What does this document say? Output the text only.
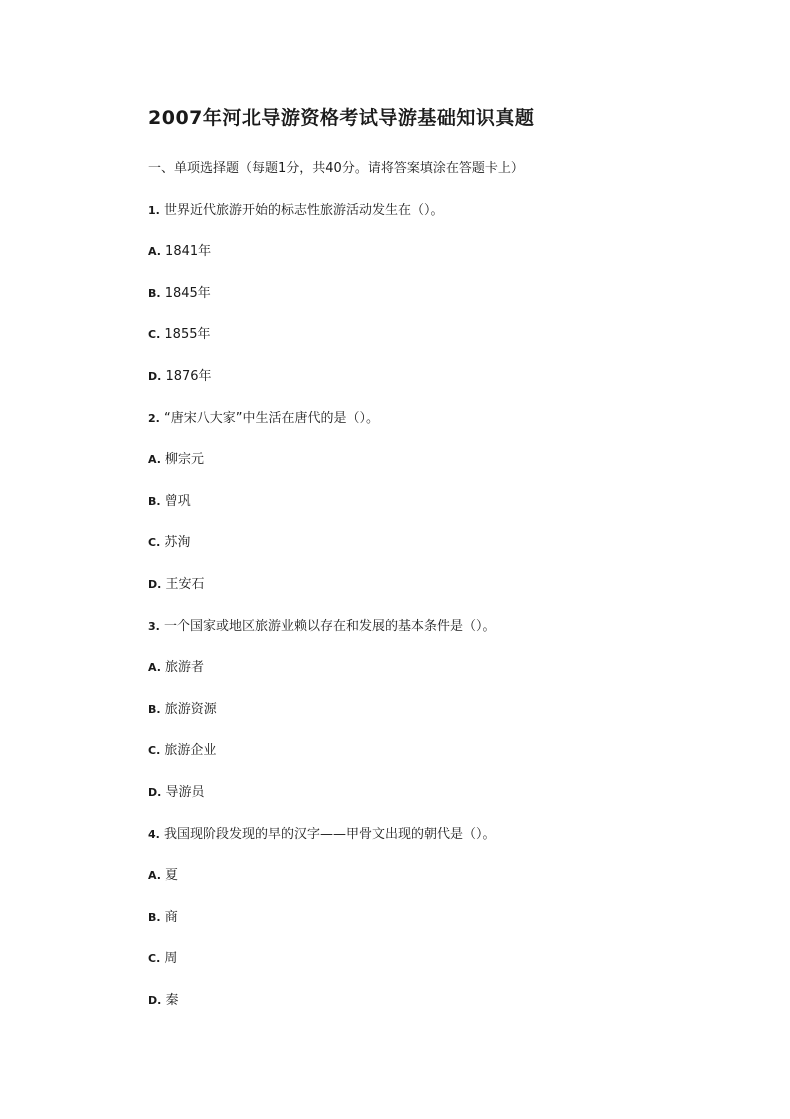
2007年河北导游资格考试导游基础知识真题

一、单项选择题（每题1分，共40分。请将答案填涂在答题卡上）

1. 世界近代旅游开始的标志性旅游活动发生在（）。

A. 1841年

B. 1845年

C. 1855年

D. 1876年

2. “唐宋八大家”中生活在唐代的是（）。

A. 柳宗元

B. 曾巩

C. 苏洵

D. 王安石

3. 一个国家或地区旅游业赖以存在和发展的基本条件是（）。

A. 旅游者

B. 旅游资源

C. 旅游企业

D. 导游员

4. 我国现阶段发现的早的汉字——甲骨文出现的朝代是（）。

A. 夏

B. 商

C. 周

D. 秦
